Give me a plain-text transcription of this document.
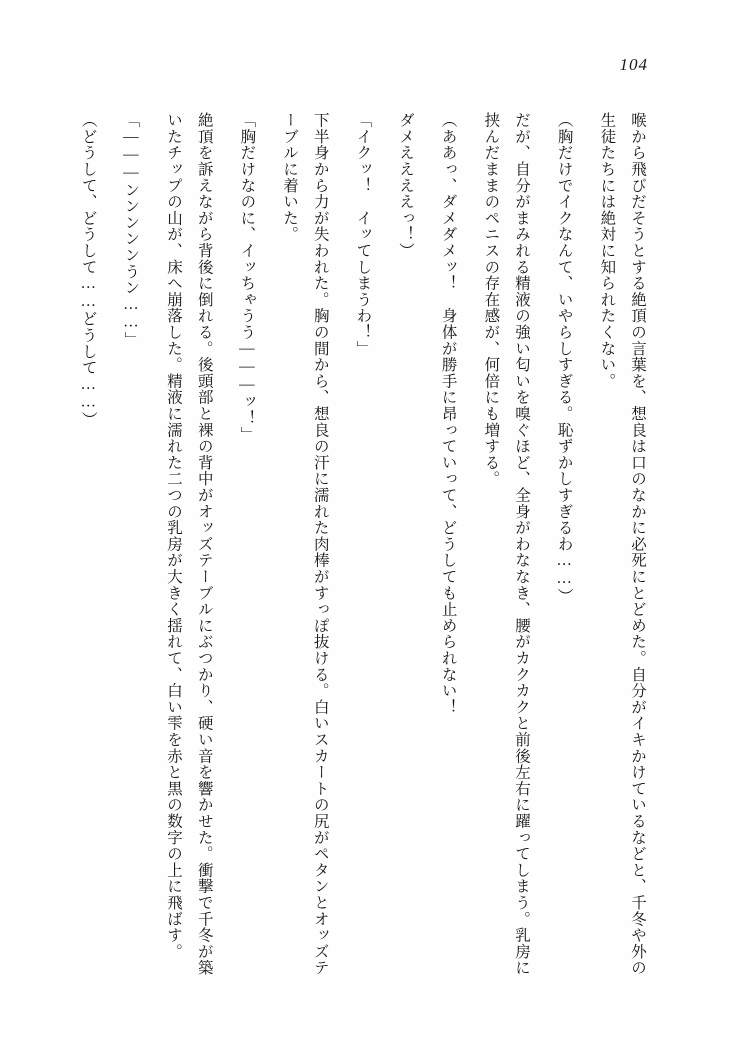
104

喉から飛びだそうとする絶頂の言葉を、想良は口のなかに必死にとどめた。自分がイキかけているなどと、千冬や外の生徒たちには絶対に知られたくない。

（胸だけでイクなんて、いやらしすぎる。恥ずかしすぎるわ……）

だが、自分がまみれる精液の強い匂いを嗅ぐほど、全身がわななき、腰がカクカクと前後左右に躍ってしまう。乳房に挟んだままのペニスの存在感が、何倍にも増する。

（ああっ、ダメダメッ！　身体が勝手に昂っていって、どうしても止められない！

ダメええええっ！）

「イクッ！　イッてしまうわ！」

下半身から力が失われた。胸の間から、想良の汗に濡れた肉棒がすっぽ抜ける。白いスカートの尻がペタンとオッズテーブルに着いた。

「胸だけなのに、イッちゃうう―――ッ！」

絶頂を訴えながら背後に倒れる。後頭部と裸の背中がオッズテーブルにぶつかり、硬い音を響かせた。衝撃で千冬が築いたチップの山が、床へ崩落した。精液に濡れた二つの乳房が大きく揺れて、白い雫を赤と黒の数字の上に飛ばす。

「―――ンンンンンうン……」

（どうして、どうして……どうして……）
